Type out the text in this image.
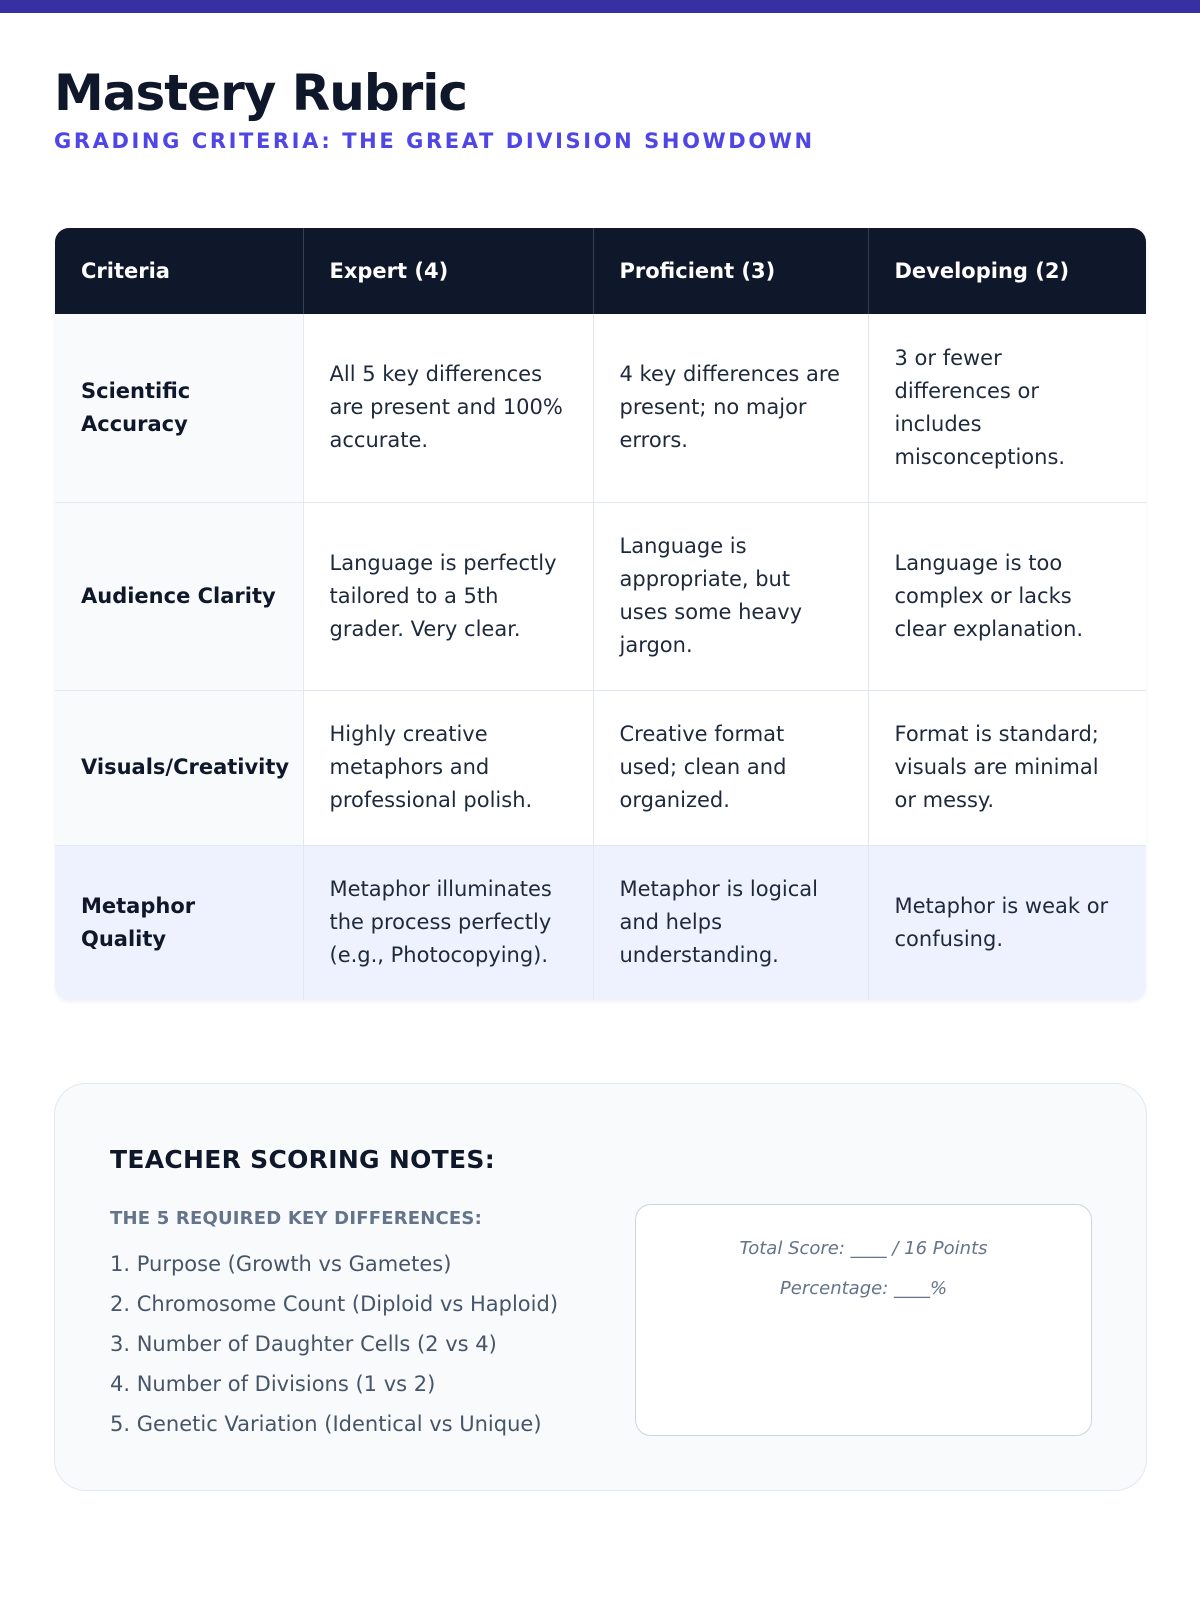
Mastery Rubric
GRADING CRITERIA: THE GREAT DIVISION SHOWDOWN
Criteria	Expert (4)	Proficient (3)	Developing (2)
Scientific Accuracy	All 5 key differences are present and 100% accurate.	4 key differences are present; no major errors.	3 or fewer differences or includes misconceptions.
Audience Clarity	Language is perfectly tailored to a 5th grader. Very clear.	Language is appropriate, but uses some heavy jargon.	Language is too complex or lacks clear explanation.
Visuals/Creativity	Highly creative metaphors and professional polish.	Creative format used; clean and organized.	Format is standard; visuals are minimal or messy.
Metaphor Quality	Metaphor illuminates the process perfectly (e.g., Photocopying).	Metaphor is logical and helps understanding.	Metaphor is weak or confusing.
TEACHER SCORING NOTES:
THE 5 REQUIRED KEY DIFFERENCES:
1. Purpose (Growth vs Gametes)
2. Chromosome Count (Diploid vs Haploid)
3. Number of Daughter Cells (2 vs 4)
4. Number of Divisions (1 vs 2)
5. Genetic Variation (Identical vs Unique)
Total Score: ____ / 16 Points
Percentage: ____%
